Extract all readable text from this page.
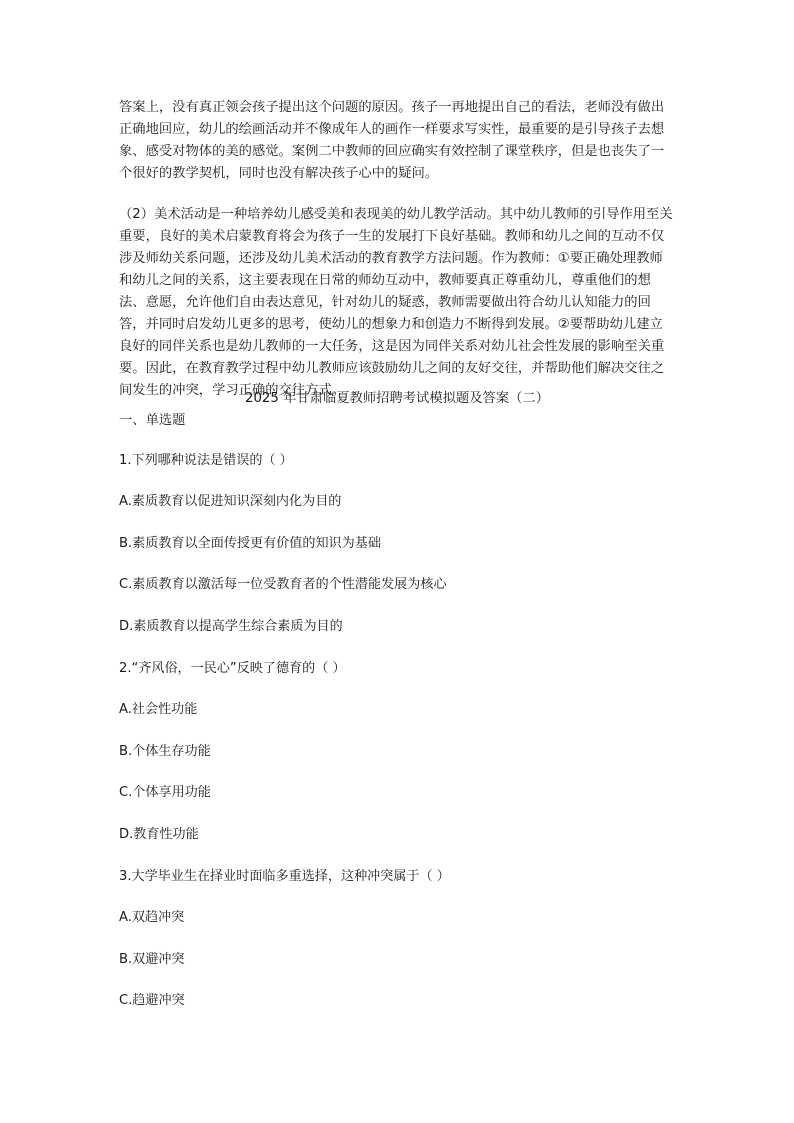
答案上，没有真正领会孩子提出这个问题的原因。孩子一再地提出自己的看法，老师没有做出正确地回应，幼儿的绘画活动并不像成年人的画作一样要求写实性，最重要的是引导孩子去想象、感受对物体的美的感觉。案例二中教师的回应确实有效控制了课堂秩序，但是也丧失了一个很好的教学契机，同时也没有解决孩子心中的疑问。

（2）美术活动是一种培养幼儿感受美和表现美的幼儿教学活动。其中幼儿教师的引导作用至关重要，良好的美术启蒙教育将会为孩子一生的发展打下良好基础。教师和幼儿之间的互动不仅涉及师幼关系问题，还涉及幼儿美术活动的教育教学方法问题。作为教师：①要正确处理教师和幼儿之间的关系，这主要表现在日常的师幼互动中，教师要真正尊重幼儿，尊重他们的想法、意愿，允许他们自由表达意见，针对幼儿的疑惑，教师需要做出符合幼儿认知能力的回答，并同时启发幼儿更多的思考，使幼儿的想象力和创造力不断得到发展。②要帮助幼儿建立良好的同伴关系也是幼儿教师的一大任务，这是因为同伴关系对幼儿社会性发展的影响至关重要。因此，在教育教学过程中幼儿教师应该鼓励幼儿之间的友好交往，并帮助他们解决交往之间发生的冲突，学习正确的交往方式。

2025 年甘肃临夏教师招聘考试模拟题及答案（二）

一、单选题

1.下列哪种说法是错误的（ ）

A.素质教育以促进知识深刻内化为目的

B.素质教育以全面传授更有价值的知识为基础

C.素质教育以激活每一位受教育者的个性潜能发展为核心

D.素质教育以提高学生综合素质为目的

2.“齐风俗，一民心”反映了德育的（ ）

A.社会性功能

B.个体生存功能

C.个体享用功能

D.教育性功能

3.大学毕业生在择业时面临多重选择，这种冲突属于（ ）

A.双趋冲突

B.双避冲突

C.趋避冲突
